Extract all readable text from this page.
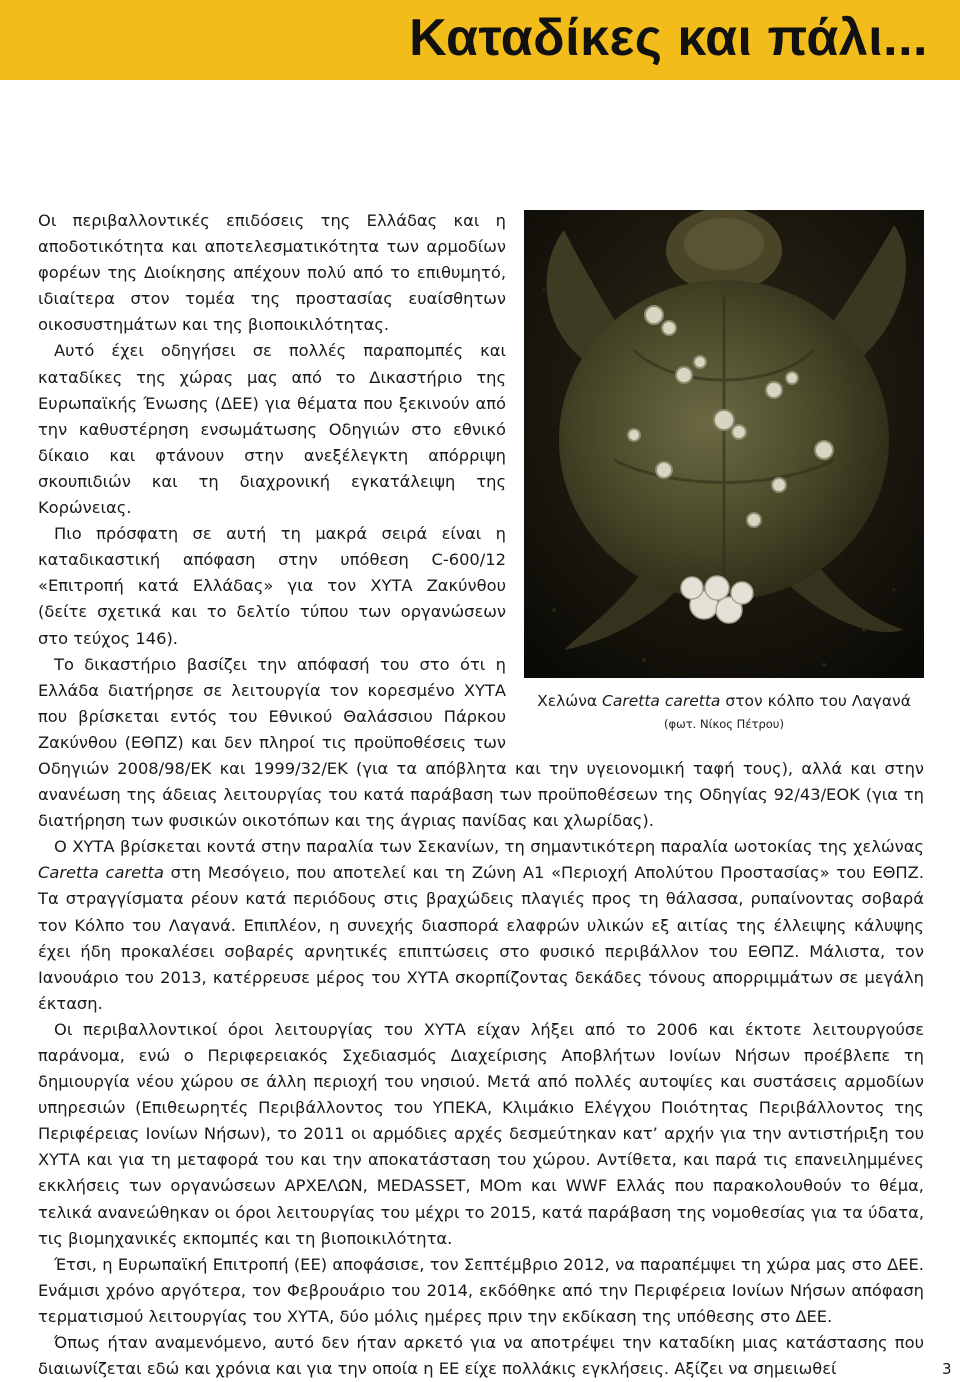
Καταδίκες και πάλι...
Χελώνα Caretta caretta στον κόλπο του Λαγανά (φωτ. Νίκος Πέτρου)

Οι περιβαλλοντικές επιδόσεις της Ελλάδας και η αποδοτικότητα και αποτελεσματικότητα των αρμοδίων φορέων της Διοίκησης απέχουν πολύ από το επιθυμητό, ιδιαίτερα στον τομέα της προστασίας ευαίσθητων οικοσυστημάτων και της βιοποικιλότητας.

Αυτό έχει οδηγήσει σε πολλές παραπομπές και καταδίκες της χώρας μας από το Δικαστήριο της Ευρωπαϊκής Ένωσης (ΔΕΕ) για θέματα που ξεκινούν από την καθυστέρηση ενσωμάτωσης Οδηγιών στο εθνικό δίκαιο και φτάνουν στην ανεξέλεγκτη απόρριψη σκουπιδιών και τη διαχρονική εγκατάλειψη της Κορώνειας.

Πιο πρόσφατη σε αυτή τη μακρά σειρά είναι η καταδικαστική απόφαση στην υπόθεση C-600/12 «Επιτροπή κατά Ελλάδας» για τον ΧΥΤΑ Ζακύνθου (δείτε σχετικά και το δελτίο τύπου των οργανώσεων στο τεύχος 146).

Το δικαστήριο βασίζει την απόφασή του στο ότι η Ελλάδα διατήρησε σε λειτουργία τον κορεσμένο ΧΥΤΑ που βρίσκεται εντός του Εθνικού Θαλάσσιου Πάρκου Ζακύνθου (ΕΘΠΖ) και δεν πληροί τις προϋποθέσεις των Οδηγιών 2008/98/ΕΚ και 1999/32/ΕΚ (για τα απόβλητα και την υγειονομική ταφή τους), αλλά και στην ανανέωση της άδειας λειτουργίας του κατά παράβαση των προϋποθέσεων της Οδηγίας 92/43/ΕΟΚ (για τη διατήρηση των φυσικών οικοτόπων και της άγριας πανίδας και χλωρίδας).

Ο ΧΥΤΑ βρίσκεται κοντά στην παραλία των Σεκανίων, τη σημαντικότερη παραλία ωοτοκίας της χελώνας Caretta caretta στη Μεσόγειο, που αποτελεί και τη Ζώνη Α1 «Περιοχή Απολύτου Προστασίας» του ΕΘΠΖ. Τα στραγγίσματα ρέουν κατά περιόδους στις βραχώδεις πλαγιές προς τη θάλασσα, ρυπαίνοντας σοβαρά τον Κόλπο του Λαγανά. Επιπλέον, η συνεχής διασπορά ελαφρών υλικών εξ αιτίας της έλλειψης κάλυψης έχει ήδη προκαλέσει σοβαρές αρνητικές επιπτώσεις στο φυσικό περιβάλλον του ΕΘΠΖ. Μάλιστα, τον Ιανουάριο του 2013, κατέρρευσε μέρος του ΧΥΤΑ σκορπίζοντας δεκάδες τόνους απορριμμάτων σε μεγάλη έκταση.

Οι περιβαλλοντικοί όροι λειτουργίας του ΧΥΤΑ είχαν λήξει από το 2006 και έκτοτε λειτουργούσε παράνομα, ενώ ο Περιφερειακός Σχεδιασμός Διαχείρισης Αποβλήτων Ιονίων Νήσων προέβλεπε τη δημιουργία νέου χώρου σε άλλη περιοχή του νησιού. Μετά από πολλές αυτοψίες και συστάσεις αρμοδίων υπηρεσιών (Επιθεωρητές Περιβάλλοντος του ΥΠΕΚΑ, Κλιμάκιο Ελέγχου Ποιότητας Περιβάλλοντος της Περιφέρειας Ιονίων Νήσων), το 2011 οι αρμόδιες αρχές δεσμεύτηκαν κατ’ αρχήν για την αντιστήριξη του ΧΥΤΑ και για τη μεταφορά του και την αποκατάσταση του χώρου. Αντίθετα, και παρά τις επανειλημμένες εκκλήσεις των οργανώσεων ΑΡΧΕΛΩΝ, MEDASSET, MOm και WWF Ελλάς που παρακολουθούν το θέμα, τελικά ανανεώθηκαν οι όροι λειτουργίας του μέχρι το 2015, κατά παράβαση της νομοθεσίας για τα ύδατα, τις βιομηχανικές εκπομπές και τη βιοποικιλότητα.

Έτσι, η Ευρωπαϊκή Επιτροπή (ΕΕ) αποφάσισε, τον Σεπτέμβριο 2012, να παραπέμψει τη χώρα μας στο ΔΕΕ. Ενάμισι χρόνο αργότερα, τον Φεβρουάριο του 2014, εκδόθηκε από την Περιφέρεια Ιονίων Νήσων απόφαση τερματισμού λειτουργίας του ΧΥΤΑ, δύο μόλις ημέρες πριν την εκδίκαση της υπόθεσης στο ΔΕΕ.

Όπως ήταν αναμενόμενο, αυτό δεν ήταν αρκετό για να αποτρέψει την καταδίκη μιας κατάστασης που διαιωνίζεται εδώ και χρόνια και για την οποία η ΕΕ είχε πολλάκις εγκλήσεις. Αξίζει να σημειωθεί	3
